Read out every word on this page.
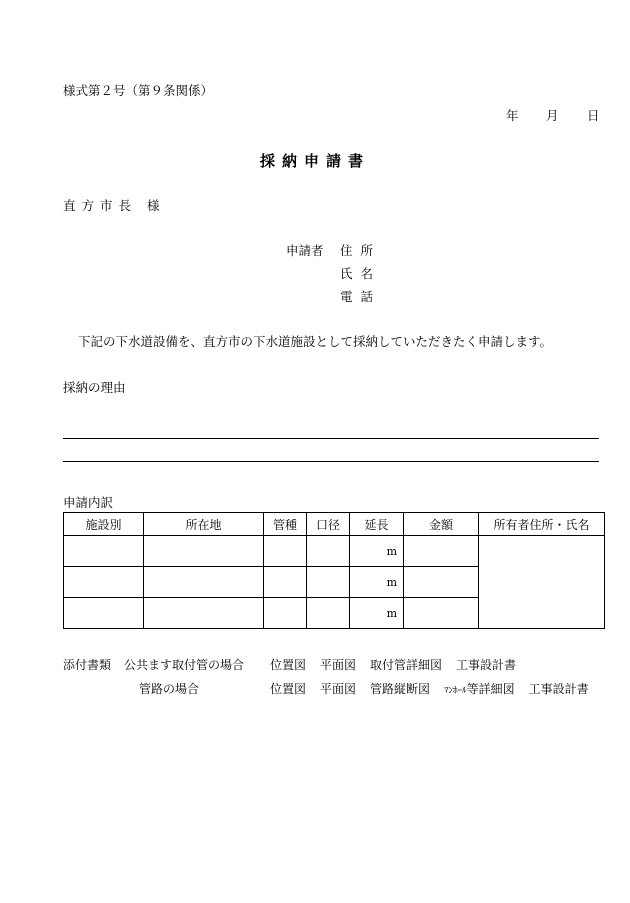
様式第２号（第９条関係）
年 月 日
採納申請書
直方市長 様
申請者 住所
氏名
電話
下記の下水道設備を、直方市の下水道施設として採納していただきたく申請します。
採納の理由
申請内訳
施設別	所在地	管種	口径	延長	金額	所有者住所・氏名
				m		
				m		
				m		
添付書類 公共ます取付管の場合 位置図 平面図 取付管詳細図 工事設計書
管路の場合	位置図 平面図 管路縦断図 ﾏﾝﾎｰﾙ等詳細図 工事設計書
